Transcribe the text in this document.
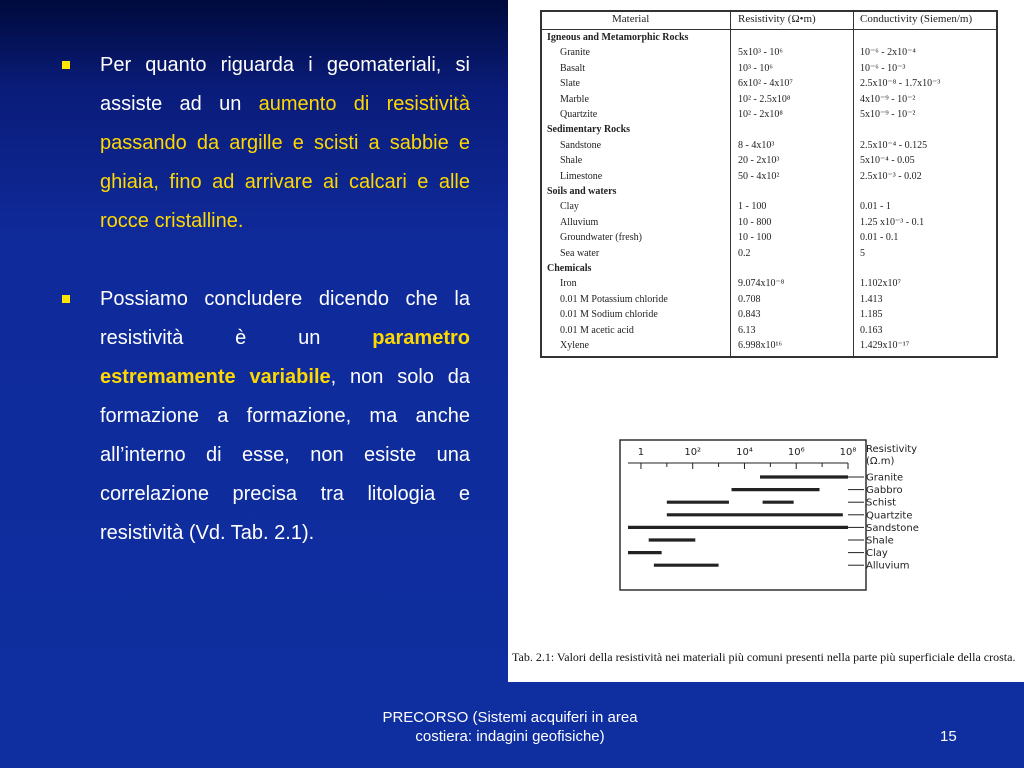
Per quanto riguarda i geomateriali, si assiste ad un aumento di resistività passando da argille e scisti a sabbie e ghiaia, fino ad arrivare ai calcari e alle rocce cristalline.
Possiamo concludere dicendo che la resistività è un parametro estremamente variabile, non solo da formazione a formazione, ma anche all’interno di esse, non esiste una correlazione precisa tra litologia e resistività (Vd. Tab. 2.1).
Material	Resistivity (Ω•m)	Conductivity (Siemen/m)
Igneous and Metamorphic Rocks
Granite	5x10³ - 10⁶	10⁻⁶ - 2x10⁻⁴
Basalt	10³ - 10⁶	10⁻⁶ - 10⁻³
Slate	6x10² - 4x10⁷	2.5x10⁻⁸ - 1.7x10⁻³
Marble	10² - 2.5x10⁸	4x10⁻⁹ - 10⁻²
Quartzite	10² - 2x10⁸	5x10⁻⁹ - 10⁻²
Sedimentary Rocks
Sandstone	8 - 4x10³	2.5x10⁻⁴ - 0.125
Shale	20 - 2x10³	5x10⁻⁴ - 0.05
Limestone	50 - 4x10²	2.5x10⁻³ - 0.02
Soils and waters
Clay	1 - 100	0.01 - 1
Alluvium	10 - 800	1.25 x10⁻³ - 0.1
Groundwater (fresh)	10 - 100	0.01 - 0.1
Sea water	0.2	5
Chemicals
Iron	9.074x10⁻⁸	1.102x10⁷
0.01 M Potassium chloride	0.708	1.413
0.01 M Sodium chloride	0.843	1.185
0.01 M acetic acid	6.13	0.163
Xylene	6.998x10¹⁶	1.429x10⁻¹⁷
1	10²	10⁴	10⁶	10⁸ Resistivity
(Ω.m)
Granite
Gabbro
Schist
Quartzite
Sandstone
Shale
Clay
Alluvium
Tab. 2.1: Valori della resistività nei materiali più comuni presenti nella parte più superficiale della crosta.
PRECORSO (Sistemi acquiferi in area
costiera: indagini geofisiche)	15
